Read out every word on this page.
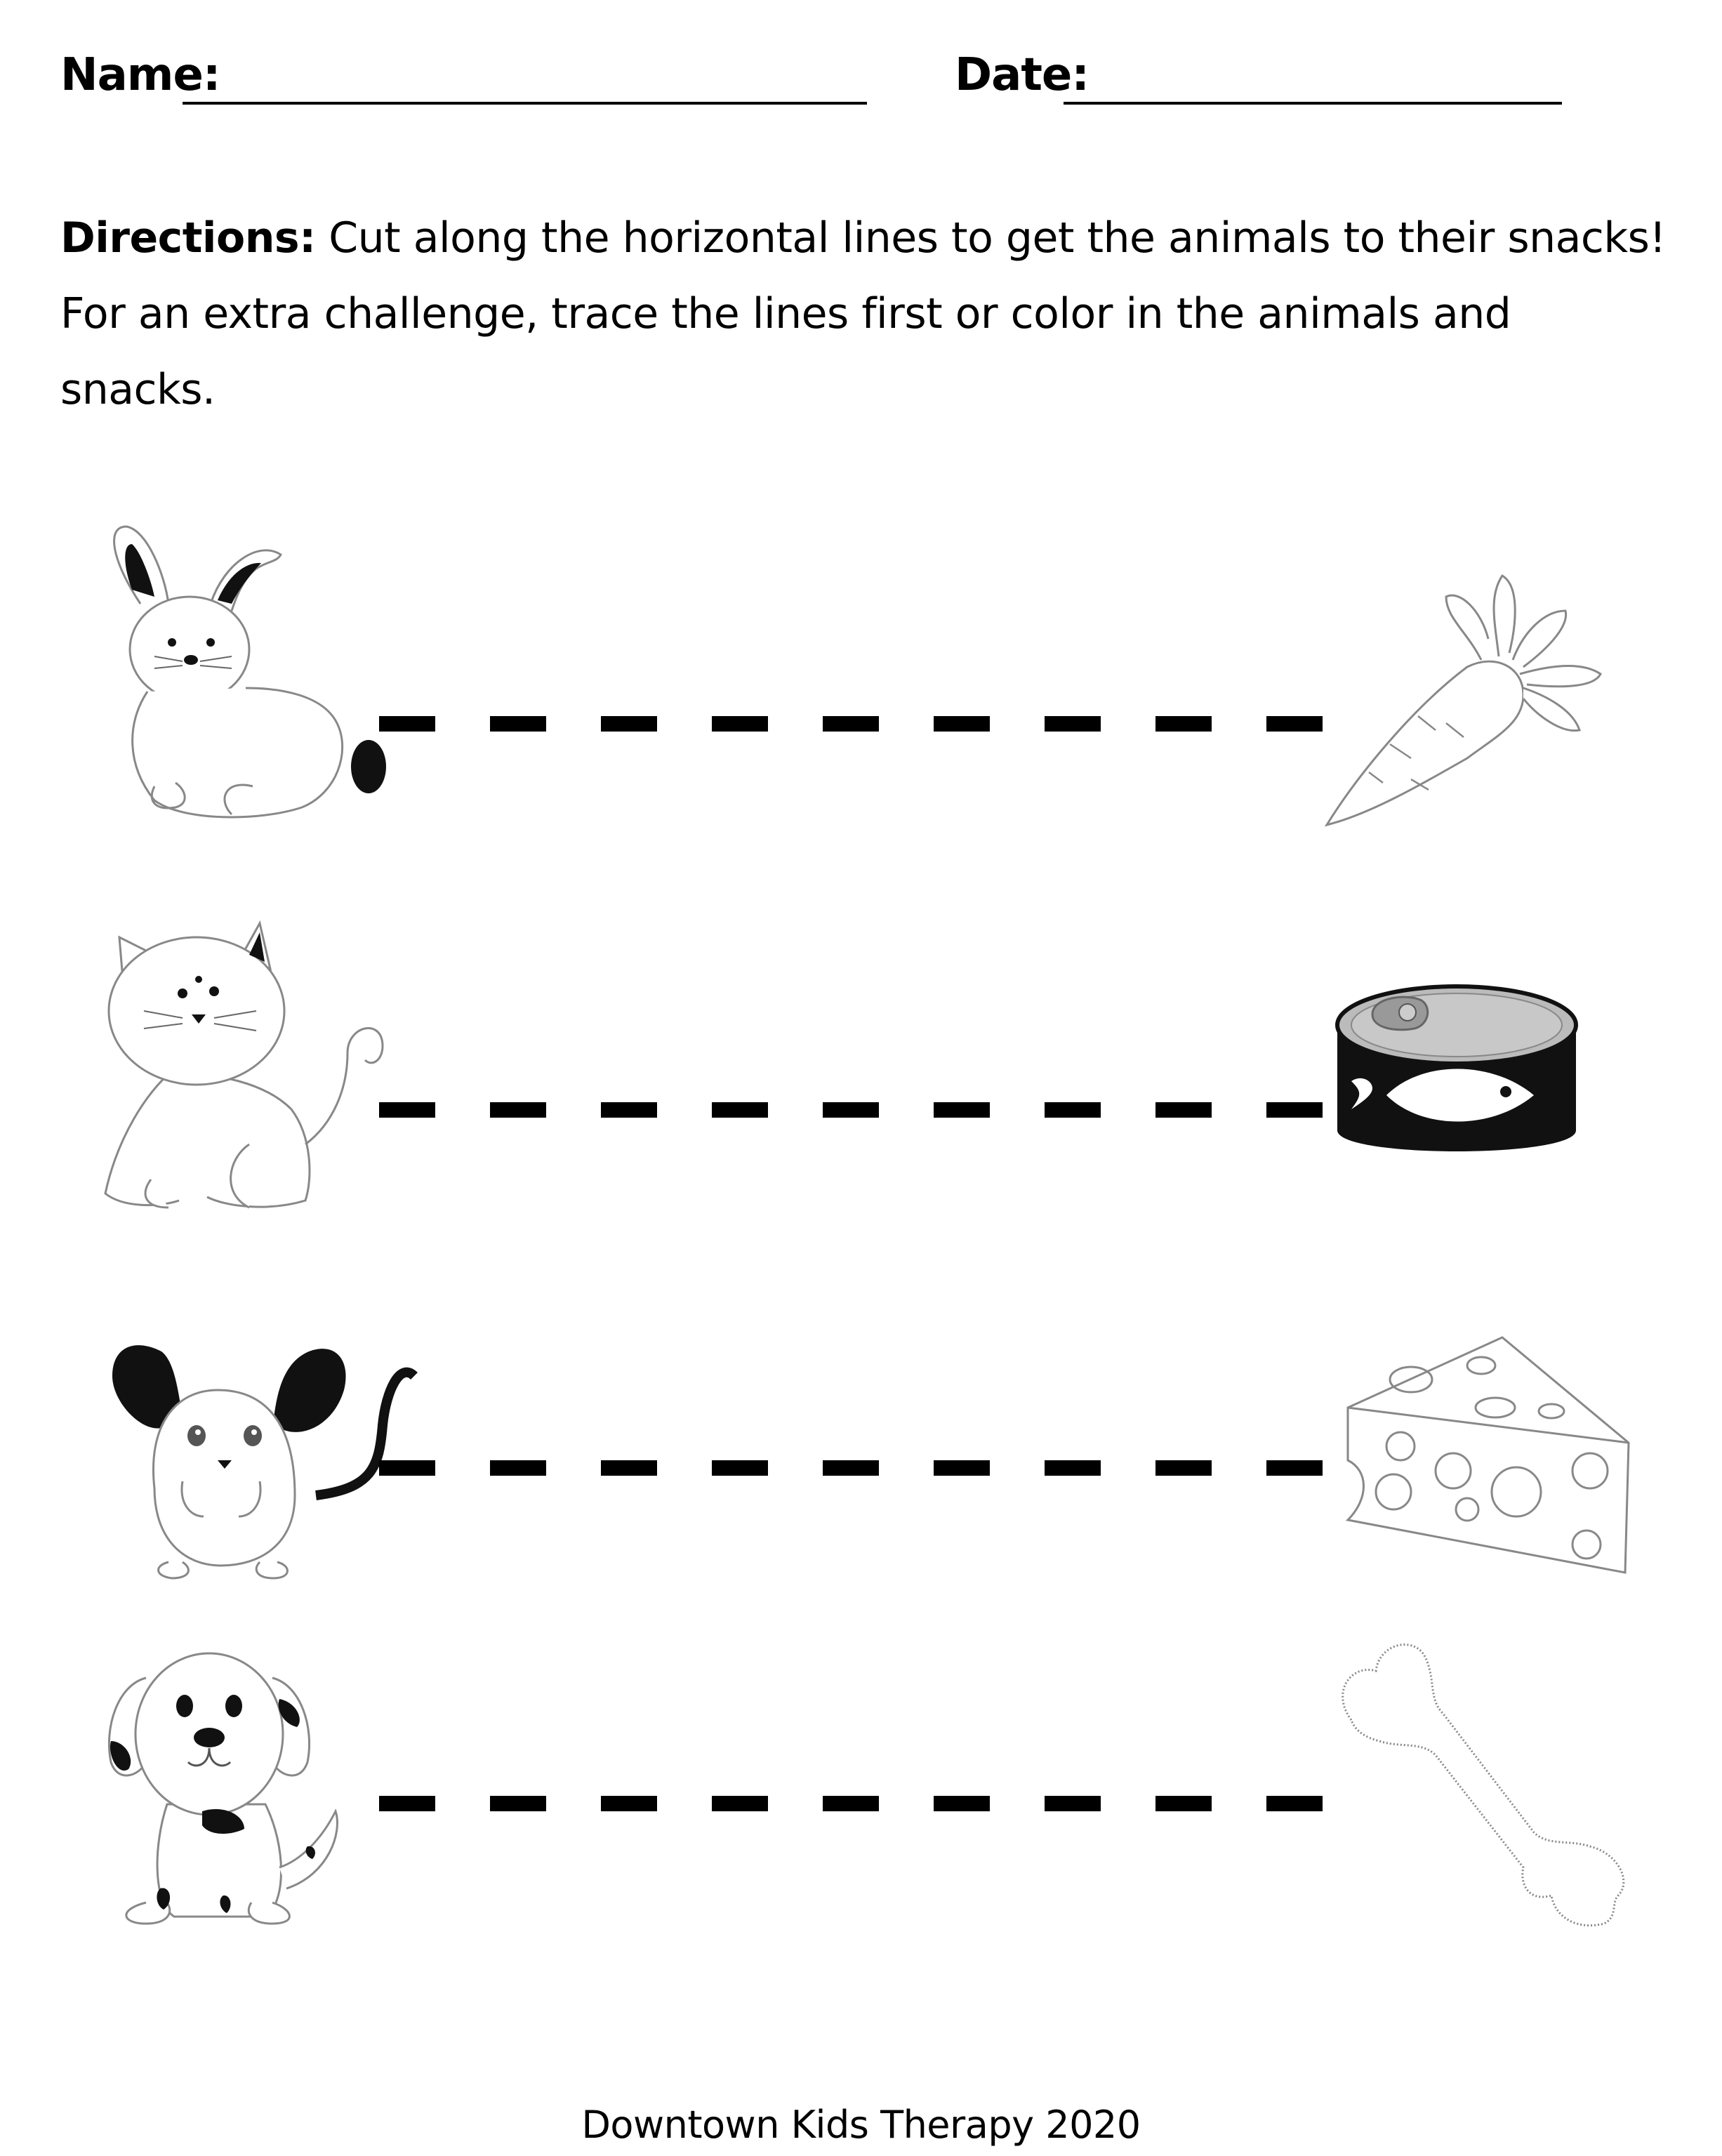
Name:	Date:
Directions: Cut along the horizontal lines to get the animals to their snacks! For an extra challenge, trace the lines first or color in the animals and snacks.
Downtown Kids Therapy 2020
